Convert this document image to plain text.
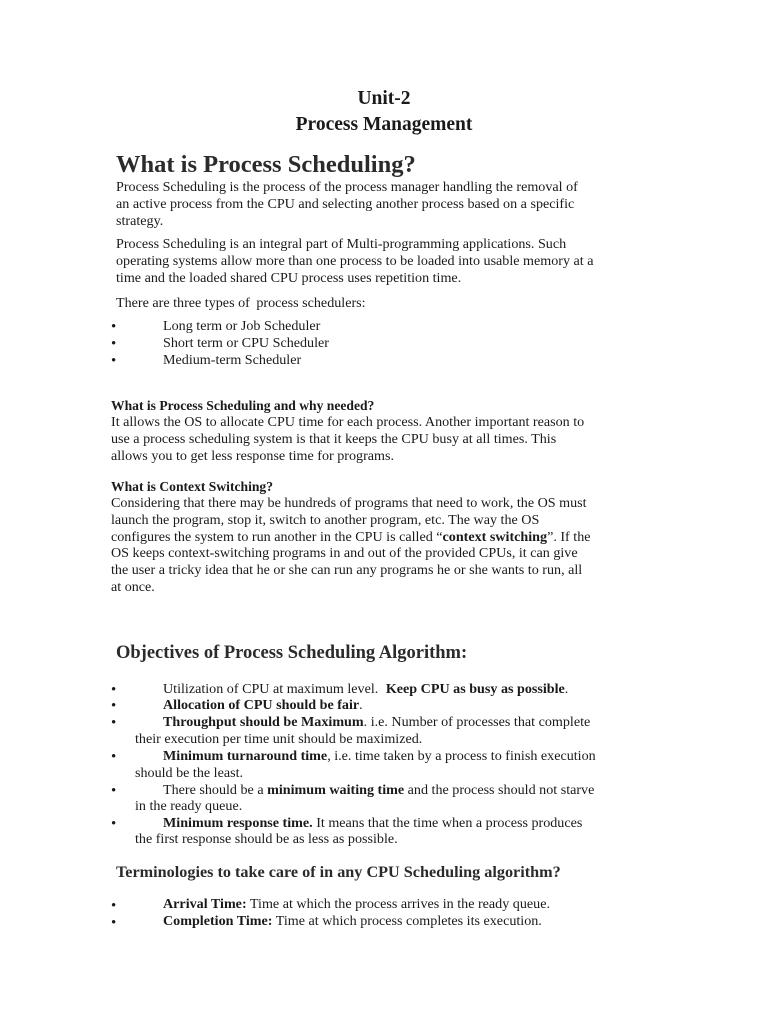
Unit-2
Process Management
What is Process Scheduling?
Process Scheduling is the process of the process manager handling the removal of
an active process from the CPU and selecting another process based on a specific
strategy.
Process Scheduling is an integral part of Multi-programming applications. Such
operating systems allow more than one process to be loaded into usable memory at a
time and the loaded shared CPU process uses repetition time.
There are three types of process schedulers:
•	Long term or Job Scheduler
•	Short term or CPU Scheduler
•	Medium-term Scheduler
What is Process Scheduling and why needed?
It allows the OS to allocate CPU time for each process. Another important reason to
use a process scheduling system is that it keeps the CPU busy at all times. This
allows you to get less response time for programs.
What is Context Switching?
Considering that there may be hundreds of programs that need to work, the OS must
launch the program, stop it, switch to another program, etc. The way the OS
configures the system to run another in the CPU is called “context switching”. If the
OS keeps context-switching programs in and out of the provided CPUs, it can give
the user a tricky idea that he or she can run any programs he or she wants to run, all
at once.
Objectives of Process Scheduling Algorithm:
•	Utilization of CPU at maximum level. Keep CPU as busy as possible.
•	Allocation of CPU should be fair.
•	Throughput should be Maximum. i.e. Number of processes that complete
their execution per time unit should be maximized.
•	Minimum turnaround time, i.e. time taken by a process to finish execution
should be the least.
•	There should be a minimum waiting time and the process should not starve
in the ready queue.
•	Minimum response time. It means that the time when a process produces
the first response should be as less as possible.
Terminologies to take care of in any CPU Scheduling algorithm?
•	Arrival Time: Time at which the process arrives in the ready queue.
•	Completion Time: Time at which process completes its execution.
